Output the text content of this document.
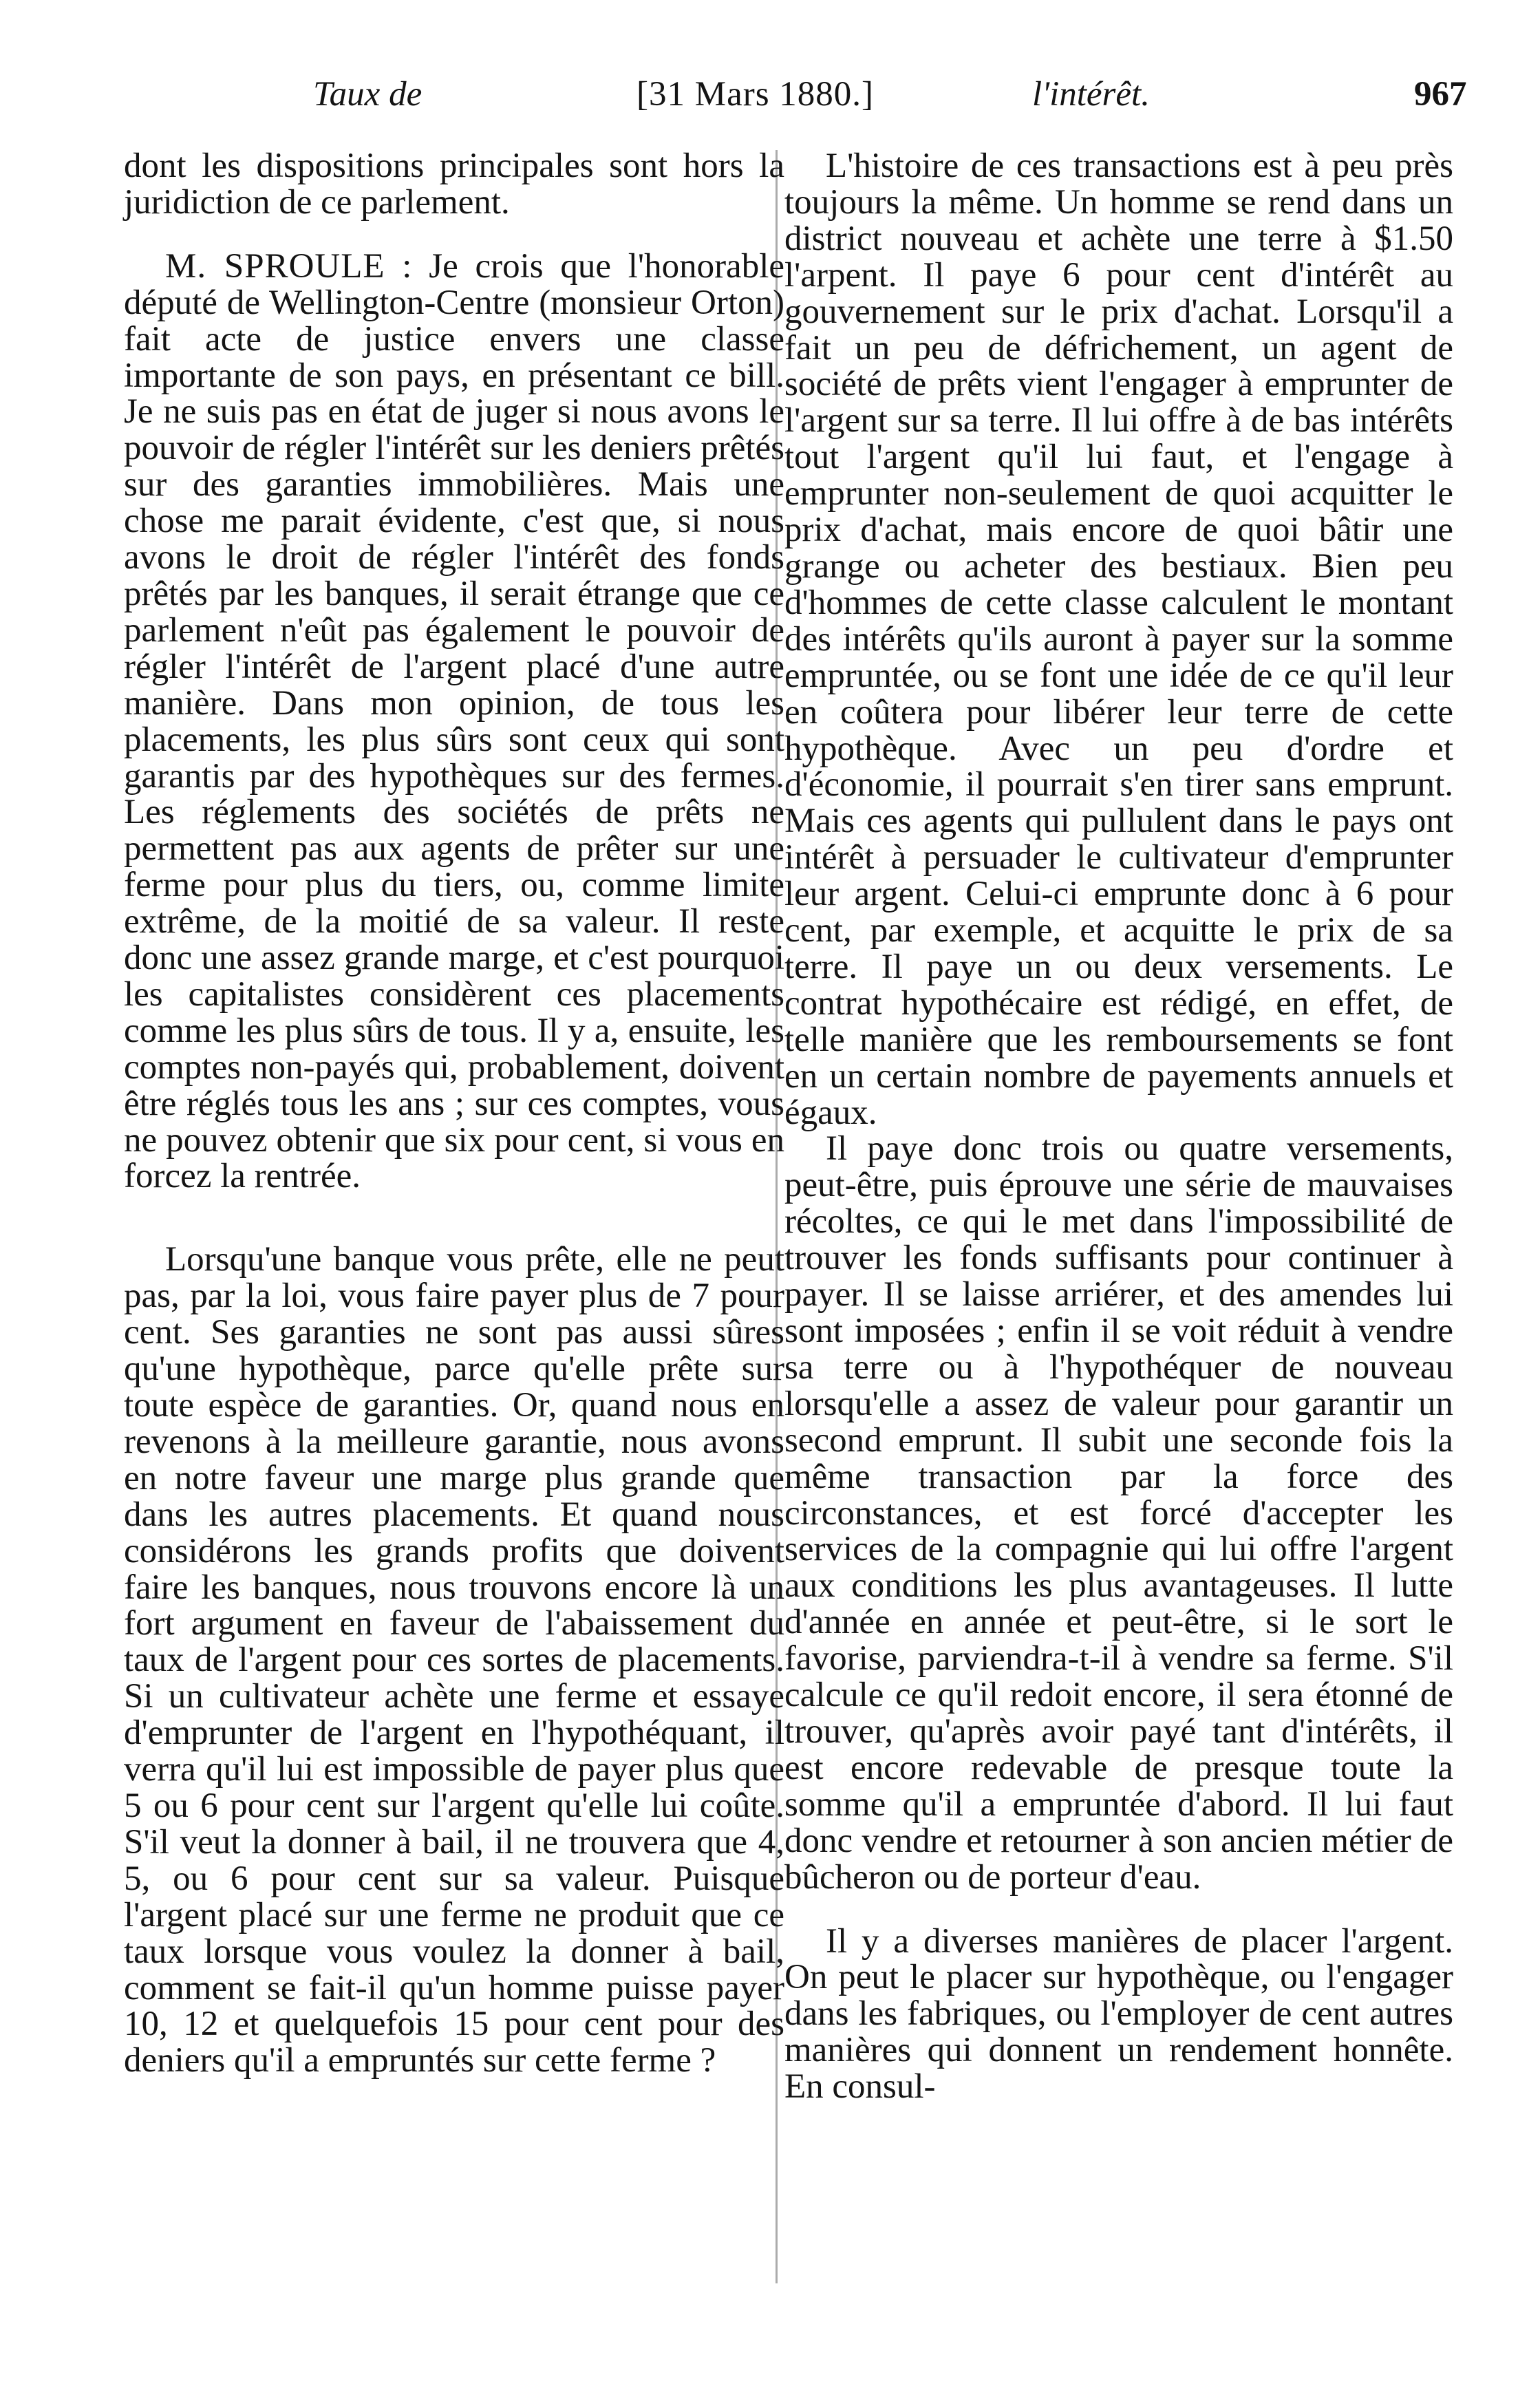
Taux de	[31 Mars 1880.]	l'intérêt.	967

dont les dispositions principales sont hors la juridiction de ce parlement.

M. SPROULE : Je crois que l'honorable député de Wellington-Centre (monsieur Orton) fait acte de justice envers une classe importante de son pays, en présentant ce bill. Je ne suis pas en état de juger si nous avons le pouvoir de régler l'intérêt sur les deniers prêtés sur des garanties immobilières. Mais une chose me parait évidente, c'est que, si nous avons le droit de régler l'intérêt des fonds prêtés par les banques, il serait étrange que ce parlement n'eût pas également le pouvoir de régler l'intérêt de l'argent placé d'une autre manière. Dans mon opinion, de tous les placements, les plus sûrs sont ceux qui sont garantis par des hypothèques sur des fermes. Les réglements des sociétés de prêts ne permettent pas aux agents de prêter sur une ferme pour plus du tiers, ou, comme limite extrême, de la moitié de sa valeur. Il reste donc une assez grande marge, et c'est pourquoi les capitalistes considèrent ces placements comme les plus sûrs de tous. Il y a, ensuite, les comptes non-payés qui, probablement, doivent être réglés tous les ans ; sur ces comptes, vous ne pouvez obtenir que six pour cent, si vous en forcez la rentrée.

Lorsqu'une banque vous prête, elle ne peut pas, par la loi, vous faire payer plus de 7 pour cent. Ses garanties ne sont pas aussi sûres qu'une hypothèque, parce qu'elle prête sur toute espèce de garanties. Or, quand nous en revenons à la meilleure garantie, nous avons en notre faveur une marge plus grande que dans les autres placements. Et quand nous considérons les grands profits que doivent faire les banques, nous trouvons encore là un fort argument en faveur de l'abaissement du taux de l'argent pour ces sortes de placements. Si un cultivateur achète une ferme et essaye d'emprunter de l'argent en l'hypothéquant, il verra qu'il lui est impossible de payer plus que 5 ou 6 pour cent sur l'argent qu'elle lui coûte. S'il veut la donner à bail, il ne trouvera que 4, 5, ou 6 pour cent sur sa valeur. Puisque l'argent placé sur une ferme ne produit que ce taux lorsque vous voulez la donner à bail, comment se fait-il qu'un homme puisse payer 10, 12 et quelquefois 15 pour cent pour des deniers qu'il a empruntés sur cette ferme ?

L'histoire de ces transactions est à peu près toujours la même. Un homme se rend dans un district nouveau et achète une terre à $1.50 l'arpent. Il paye 6 pour cent d'intérêt au gouvernement sur le prix d'achat. Lorsqu'il a fait un peu de défrichement, un agent de société de prêts vient l'engager à emprunter de l'argent sur sa terre. Il lui offre à de bas intérêts tout l'argent qu'il lui faut, et l'engage à emprunter non-seulement de quoi acquitter le prix d'achat, mais encore de quoi bâtir une grange ou acheter des bestiaux. Bien peu d'hommes de cette classe calculent le montant des intérêts qu'ils auront à payer sur la somme empruntée, ou se font une idée de ce qu'il leur en coûtera pour libérer leur terre de cette hypothèque. Avec un peu d'ordre et d'économie, il pourrait s'en tirer sans emprunt. Mais ces agents qui pullulent dans le pays ont intérêt à persuader le cultivateur d'emprunter leur argent. Celui-ci emprunte donc à 6 pour cent, par exemple, et acquitte le prix de sa terre. Il paye un ou deux versements. Le contrat hypothécaire est rédigé, en effet, de telle manière que les remboursements se font en un certain nombre de payements annuels et égaux.

Il paye donc trois ou quatre versements, peut-être, puis éprouve une série de mauvaises récoltes, ce qui le met dans l'impossibilité de trouver les fonds suffisants pour continuer à payer. Il se laisse arriérer, et des amendes lui sont imposées ; enfin il se voit réduit à vendre sa terre ou à l'hypothéquer de nouveau lorsqu'elle a assez de valeur pour garantir un second emprunt. Il subit une seconde fois la même transaction par la force des circonstances, et est forcé d'accepter les services de la compagnie qui lui offre l'argent aux conditions les plus avantageuses. Il lutte d'année en année et peut-être, si le sort le favorise, parviendra-t-il à vendre sa ferme. S'il calcule ce qu'il redoit encore, il sera étonné de trouver, qu'après avoir payé tant d'intérêts, il est encore redevable de presque toute la somme qu'il a empruntée d'abord. Il lui faut donc vendre et retourner à son ancien métier de bûcheron ou de porteur d'eau.

Il y a diverses manières de placer l'argent. On peut le placer sur hypothèque, ou l'engager dans les fabriques, ou l'employer de cent autres manières qui donnent un rendement honnête. En consul-
